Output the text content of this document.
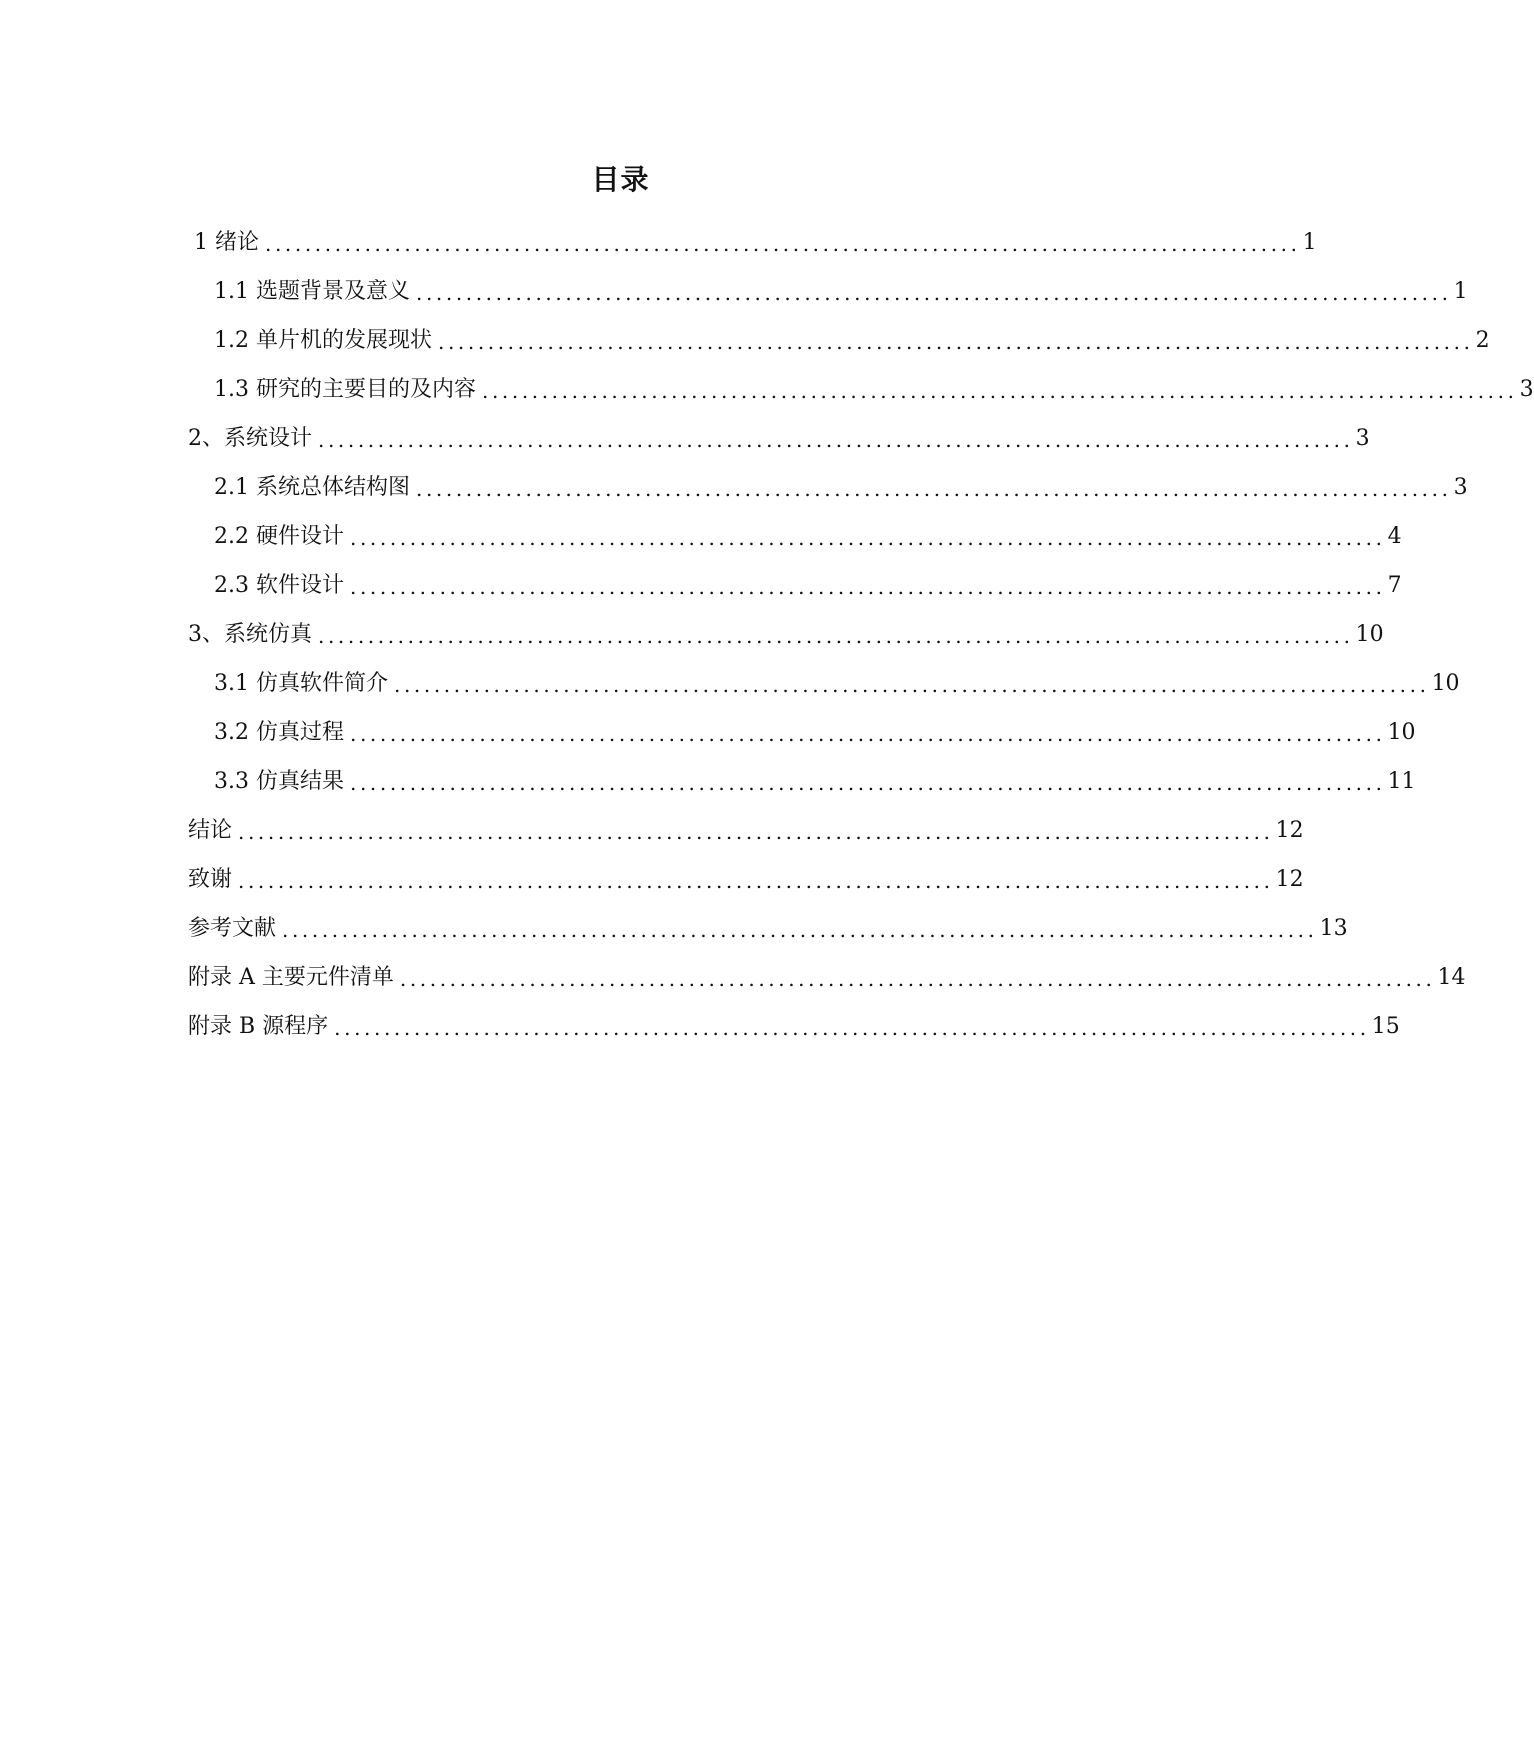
目录
1 绪论 ........................................................................................................ 1
1.1 选题背景及意义 ........................................................................................................ 1
1.2 单片机的发展现状 ........................................................................................................ 2
1.3 研究的主要目的及内容 ........................................................................................................ 3
2、系统设计 ........................................................................................................ 3
2.1 系统总体结构图 ........................................................................................................ 3
2.2 硬件设计 ........................................................................................................ 4
2.3 软件设计 ........................................................................................................ 7
3、系统仿真 ........................................................................................................ 10
3.1 仿真软件简介 ........................................................................................................ 10
3.2 仿真过程 ........................................................................................................ 10
3.3 仿真结果 ........................................................................................................ 11
结论 ........................................................................................................ 12
致谢 ........................................................................................................ 12
参考文献 ........................................................................................................ 13
附录 A 主要元件清单 ........................................................................................................ 14
附录 B 源程序 ........................................................................................................ 15
